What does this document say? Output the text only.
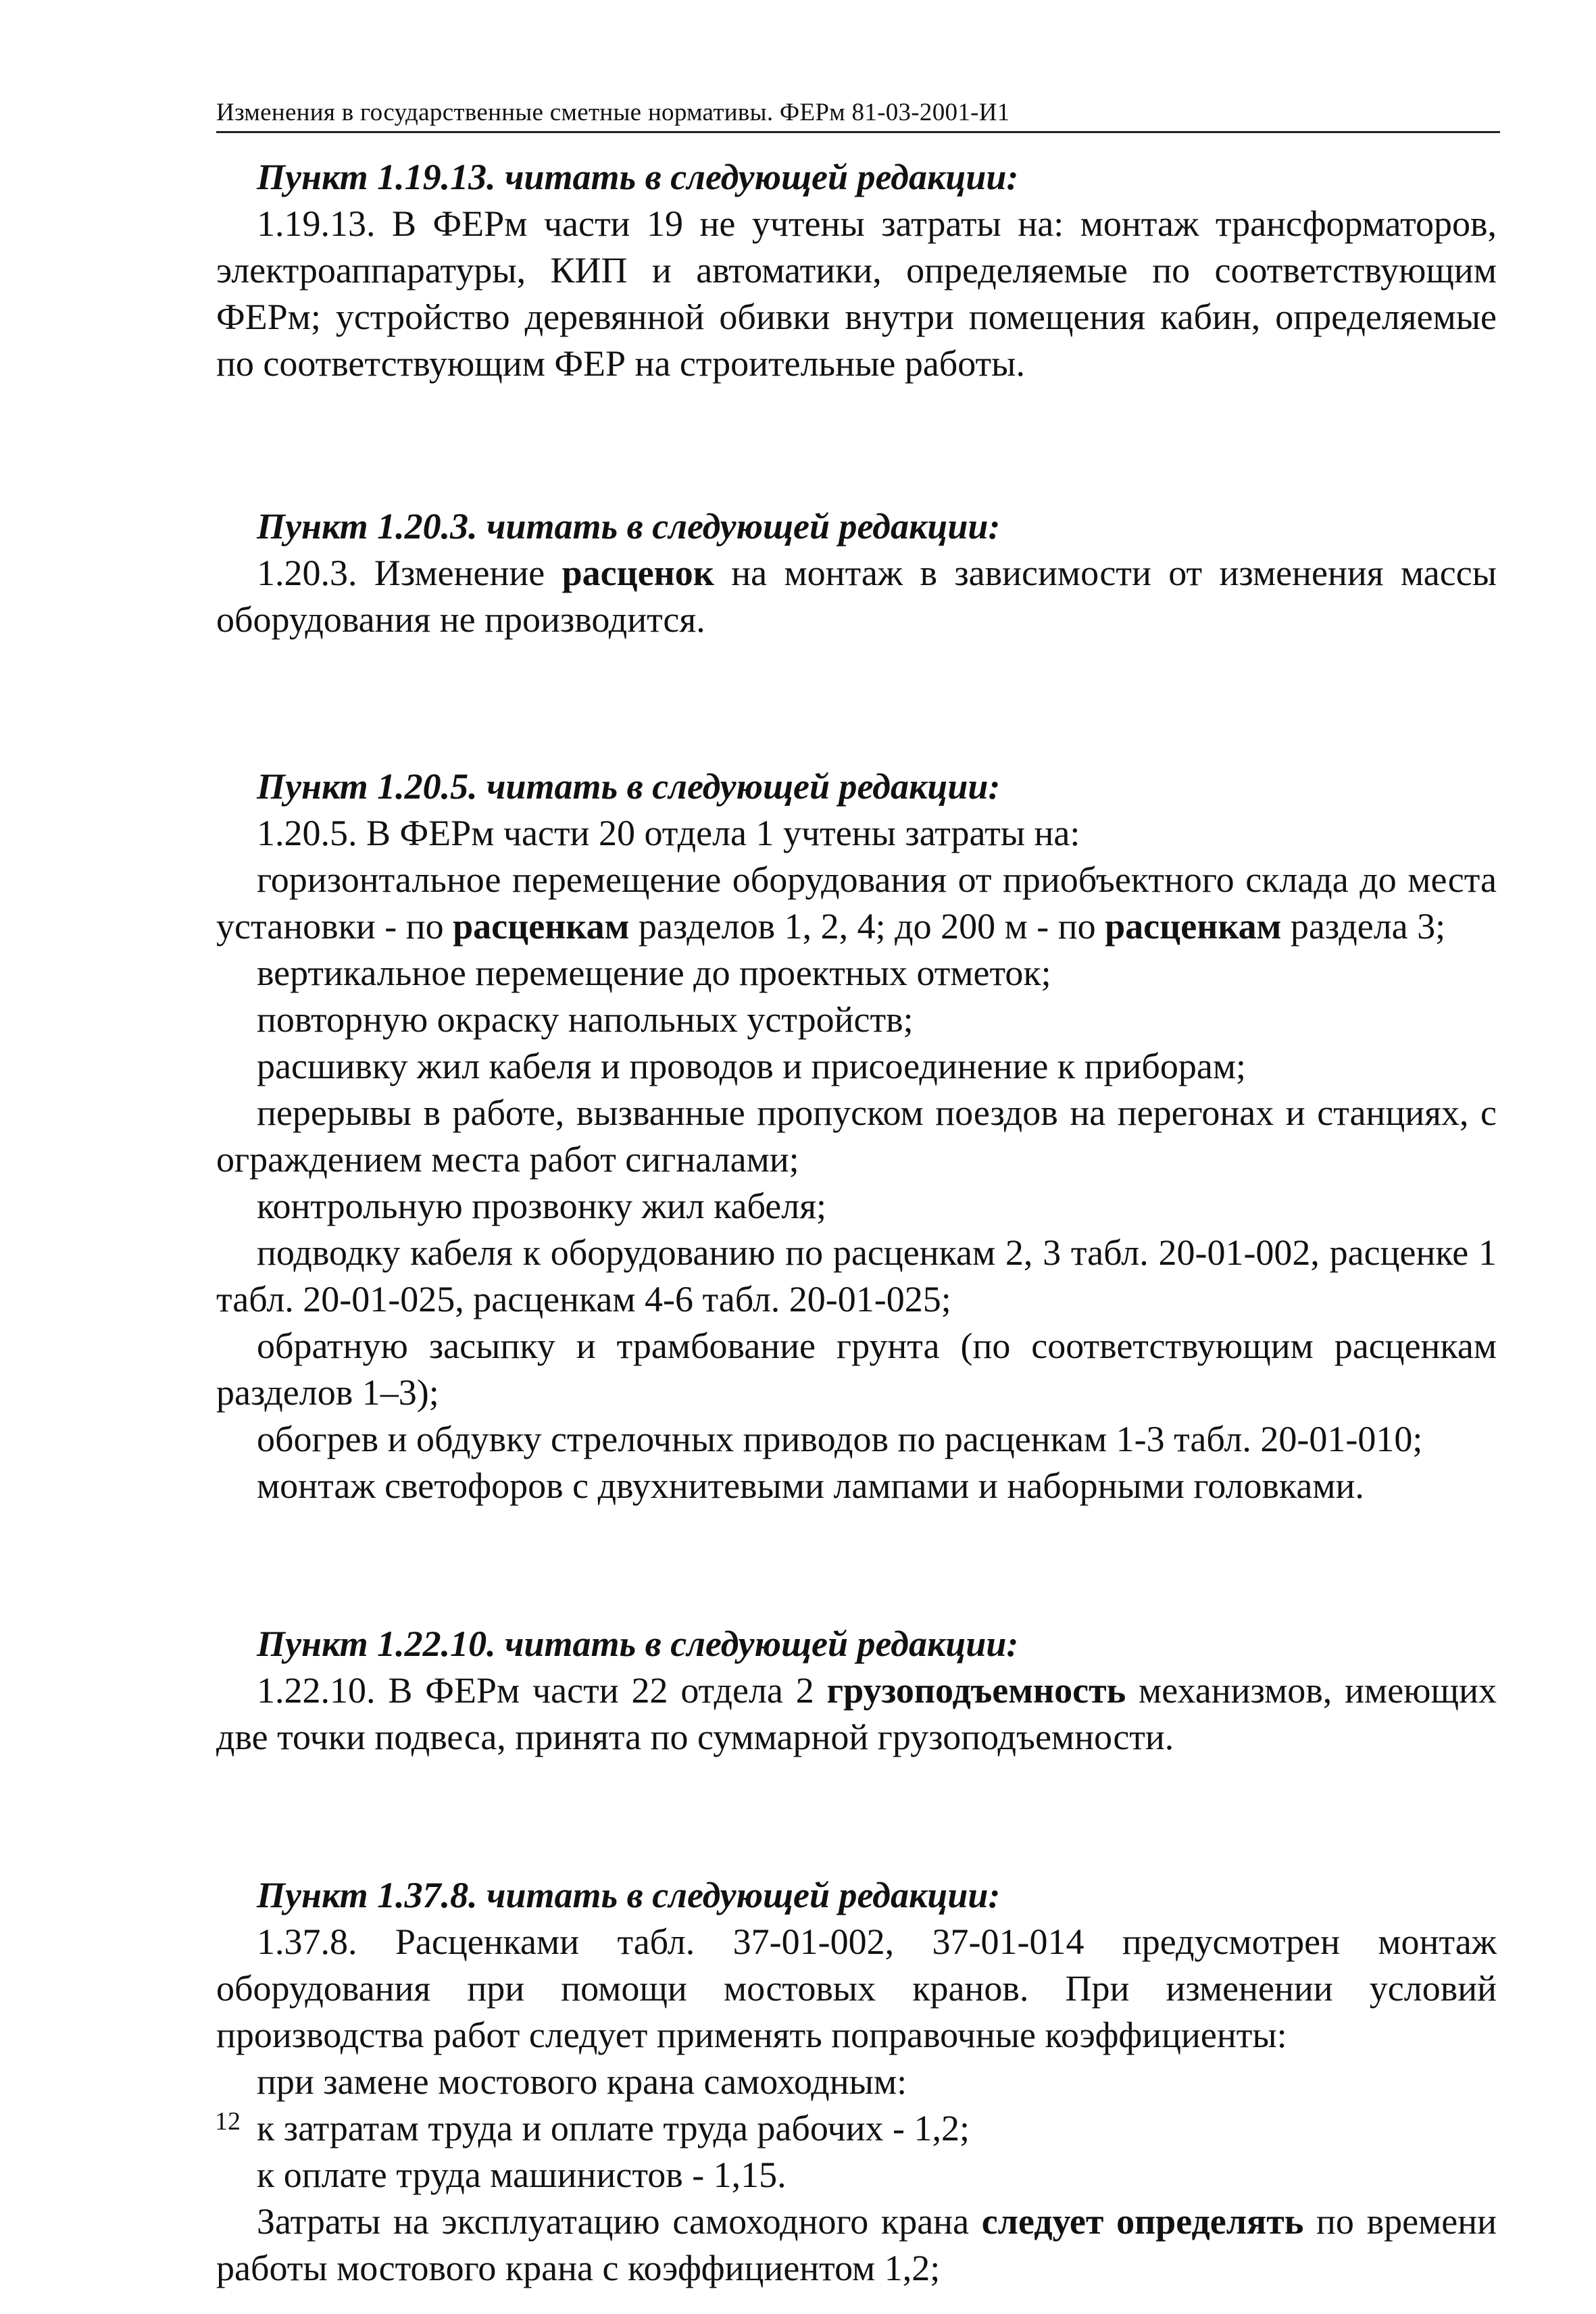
Изменения в государственные сметные нормативы. ФЕРм 81-03-2001-И1
Пункт 1.19.13. читать в следующей редакции:

1.19.13. В ФЕРм части 19 не учтены затраты на: монтаж трансформаторов, электроаппаратуры, КИП и автоматики, определяемые по соответствующим ФЕРм; устройство деревянной обивки внутри помещения кабин, определяемые по соответствующим ФЕР на строительные работы.

Пункт 1.20.3. читать в следующей редакции:

1.20.3. Изменение расценок на монтаж в зависимости от изменения массы оборудования не производится.

Пункт 1.20.5. читать в следующей редакции:

1.20.5. В ФЕРм части 20 отдела 1 учтены затраты на:

горизонтальное перемещение оборудования от приобъектного склада до места установки - по расценкам разделов 1, 2, 4; до 200 м - по расценкам раздела 3;

вертикальное перемещение до проектных отметок;

повторную окраску напольных устройств;

расшивку жил кабеля и проводов и присоединение к приборам;

перерывы в работе, вызванные пропуском поездов на перегонах и станциях, с ограждением места работ сигналами;

контрольную прозвонку жил кабеля;

подводку кабеля к оборудованию по расценкам 2, 3 табл. 20-01-002, расценке 1 табл. 20-01-025, расценкам 4-6 табл. 20-01-025;

обратную засыпку и трамбование грунта (по соответствующим расценкам разделов 1–3);

обогрев и обдувку стрелочных приводов по расценкам 1-3 табл. 20-01-010;

монтаж светофоров с двухнитевыми лампами и наборными головками.

Пункт 1.22.10. читать в следующей редакции:

1.22.10. В ФЕРм части 22 отдела 2 грузоподъемность механизмов, имеющих две точки подвеса, принята по суммарной грузоподъемности.

Пункт 1.37.8. читать в следующей редакции:

1.37.8. Расценками табл. 37-01-002, 37-01-014 предусмотрен монтаж оборудования при помощи мостовых кранов. При изменении условий производства работ следует применять поправочные коэффициенты:

при замене мостового крана самоходным:

к затратам труда и оплате труда рабочих - 1,2;

к оплате труда машинистов - 1,15.

Затраты на эксплуатацию самоходного крана следует определять по времени работы мостового крана с коэффициентом 1,2;

12
